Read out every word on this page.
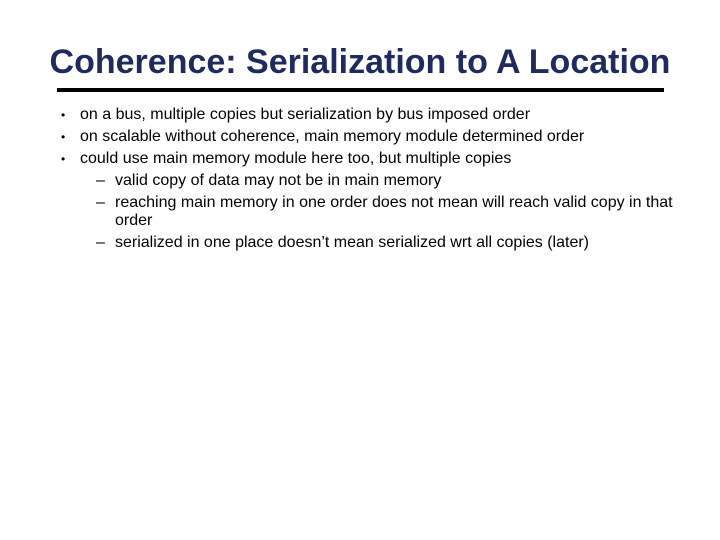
Coherence: Serialization to A Location
• on a bus, multiple copies but serialization by bus imposed order
• on scalable without coherence, main memory module determined order
• could use main memory module here too, but multiple copies
– valid copy of data may not be in main memory
– reaching main memory in one order does not mean will reach valid copy in that order
– serialized in one place doesn’t mean serialized wrt all copies (later)
